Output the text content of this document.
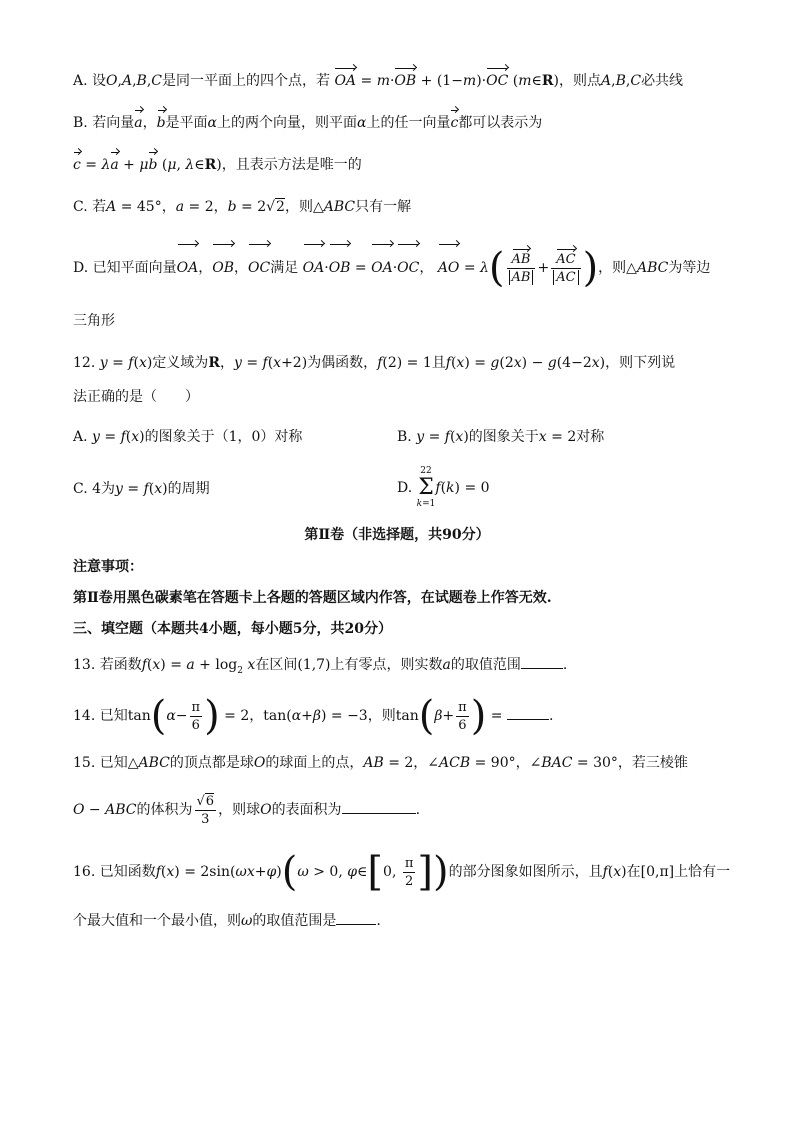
A. 设O,A,B,C是同一平面上的四个点，若 OA = m·OB + (1−m)·OC (m∈R)，则点A,B,C必共线
B. 若向量a，b是平面α上的两个向量，则平面α上的任一向量c都可以表示为
c = λa + μb (μ, λ∈R)，且表示方法是唯一的
C. 若A = 45°，a = 2，b = 2√2，则△ABC只有一解
D. 已知平面向量OA，OB，OC满足 OA·OB = OA·OC， AO = $\lambda( \frac{AB}{AB} + \frac{AC}{AC}$ )，则△ABC为等边
三角形
12. y = f(x)定义域为R，y = f(x+2)为偶函数，f(2) = 1且f(x) = g(2x) − g(4−2x)，则下列说
法正确的是（　　）
A. y = f(x)的图象关于（1，0）对称	B. y = f(x)的图象关于x = 2对称
C. 4为y = f(x)的周期	D.
22
Σ
k=1
f(k) = 0
第Ⅱ卷（非选择题，共90分）
注意事项：
第Ⅱ卷用黑色碳素笔在答题卡上各题的答题区域内作答，在试题卷上作答无效.
三、填空题（本题共4小题，每小题5分，共20分）
13. 若函数$f(x) = a + \log_2 x$在区间(1,7)上有零点，则实数a的取值范围	.
14. 已知$\tan(\alpha- \frac{\pi}{6}$ ) = 2，tan(α+β) = −3，则$\tan(\beta+ \frac{\pi}{6}$ ) =	.
15. 已知△ABC的顶点都是球O的球面上的点，AB = 2，∠ACB = 90°，∠BAC = 30°，若三棱锥
O − ABC的体积为 $\frac{√6}{3}$ ，则球O的表面积为	.
16. 已知函数f(x) = 2sin(ωx+φ)(ω > 0, φ∈[0, $\frac{\pi}{2}$ ])的部分图象如图所示，且f(x)在[0,π]上恰有一
个最大值和一个最小值，则ω的取值范围是	.
